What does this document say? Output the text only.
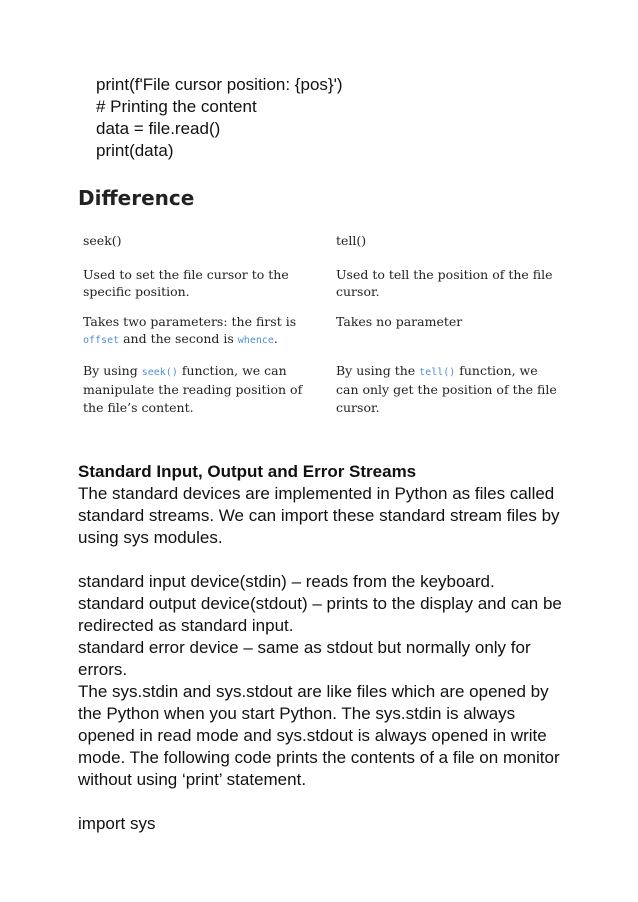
print(f'File cursor position: {pos}')
# Printing the content
data = file.read()
print(data)
Difference
seek()	tell()
Used to set the file cursor to the specific position.
Used to tell the position of the file cursor.
Takes two parameters: the first is offset and the second is whence.
Takes no parameter
By using seek() function, we can manipulate the reading position of the file’s content.
By using the tell() function, we can only get the position of the file cursor.
Standard Input, Output and Error Streams
The standard devices are implemented in Python as files called standard streams. We can import these standard stream files by using sys modules.
standard input device(stdin) – reads from the keyboard.
standard output device(stdout) – prints to the display and can be redirected as standard input.
standard error device – same as stdout but normally only for errors.
The sys.stdin and sys.stdout are like files which are opened by the Python when you start Python. The sys.stdin is always opened in read mode and sys.stdout is always opened in write mode. The following code prints the contents of a file on monitor without using ‘print’ statement.
import sys
